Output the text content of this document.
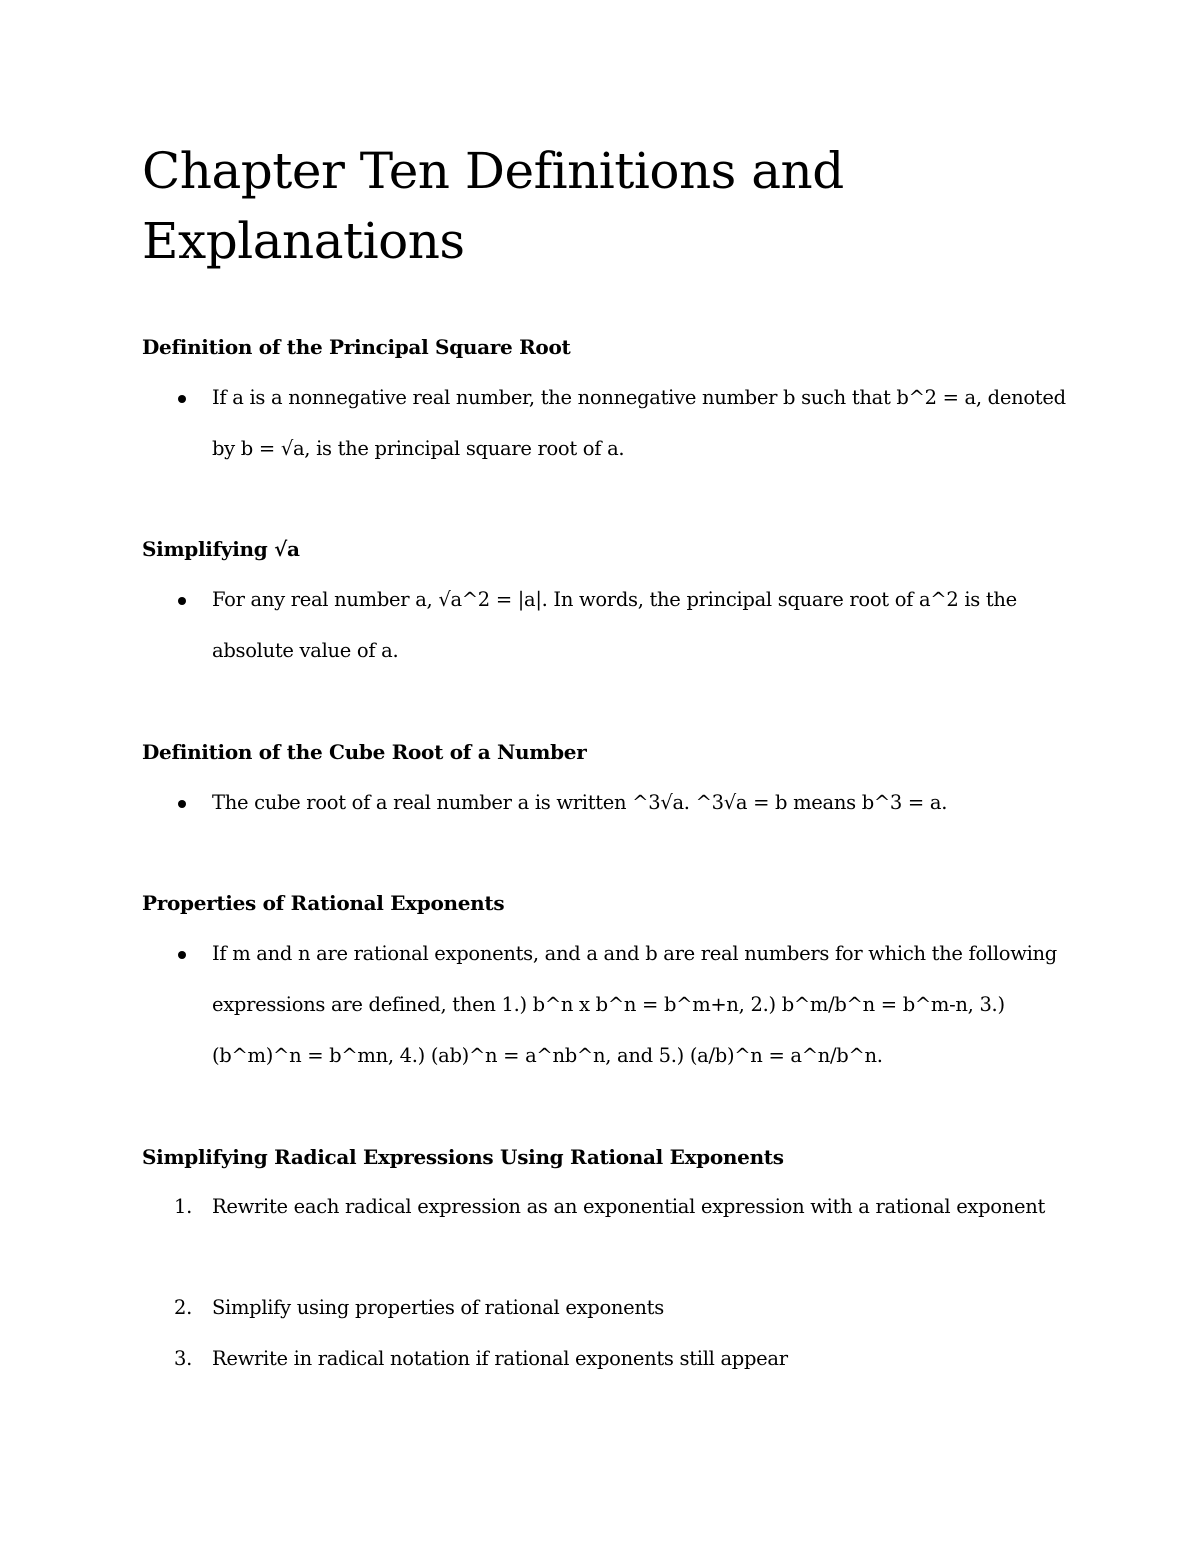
Chapter Ten Definitions and Explanations
Definition of the Principal Square Root
If a is a nonnegative real number, the nonnegative number b such that b^2 = a, denoted by b = √a, is the principal square root of a.
Simplifying √a
For any real number a, √a^2 = |a|. In words, the principal square root of a^2 is the absolute value of a.
Definition of the Cube Root of a Number
The cube root of a real number a is written ^3√a. ^3√a = b means b^3 = a.
Properties of Rational Exponents
If m and n are rational exponents, and a and b are real numbers for which the following expressions are defined, then 1.) b^n x b^n = b^m+n, 2.) b^m/b^n = b^m-n, 3.) (b^m)^n = b^mn, 4.) (ab)^n = a^nb^n, and 5.) (a/b)^n = a^n/b^n.
Simplifying Radical Expressions Using Rational Exponents
1.	Rewrite each radical expression as an exponential expression with a rational exponent
2.	Simplify using properties of rational exponents
3.	Rewrite in radical notation if rational exponents still appear
